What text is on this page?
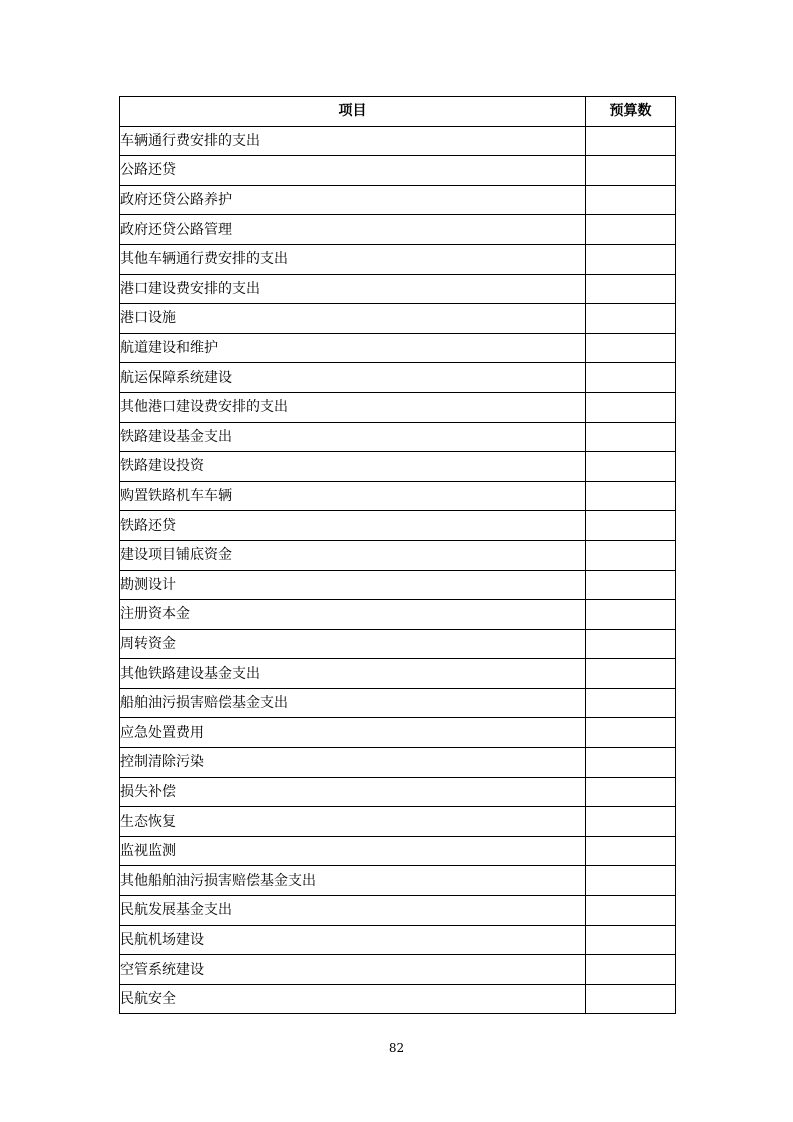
项目	预算数
车辆通行费安排的支出	
公路还贷	
政府还贷公路养护	
政府还贷公路管理	
其他车辆通行费安排的支出	
港口建设费安排的支出	
港口设施	
航道建设和维护	
航运保障系统建设	
其他港口建设费安排的支出	
铁路建设基金支出	
铁路建设投资	
购置铁路机车车辆	
铁路还贷	
建设项目铺底资金	
勘测设计	
注册资本金	
周转资金	
其他铁路建设基金支出	
船舶油污损害赔偿基金支出	
应急处置费用	
控制清除污染	
损失补偿	
生态恢复	
监视监测	
其他船舶油污损害赔偿基金支出	
民航发展基金支出	
民航机场建设	
空管系统建设	
民航安全	
82
